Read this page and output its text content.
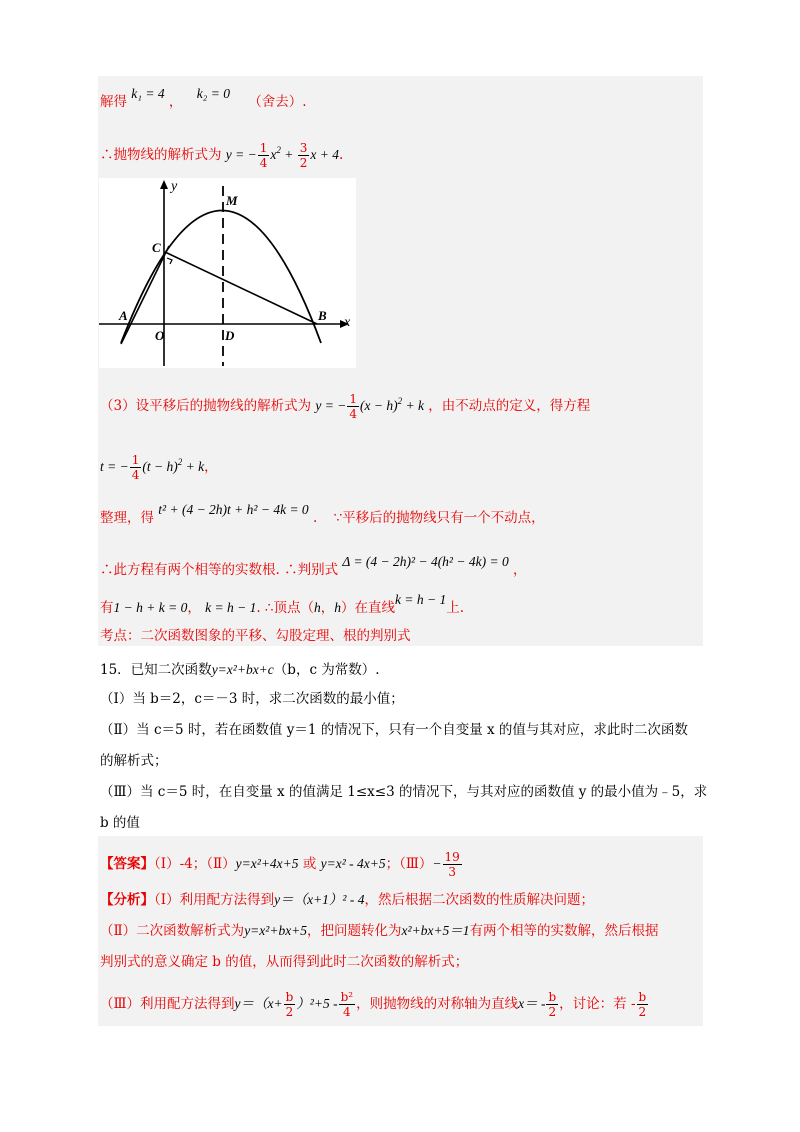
解得 k₁ = 4 ， k₂ = 0 （舍去）.
∴抛物线的解析式为 y = − $\frac{1}{4} x^2 + \frac{3}{2}$ x + 4.
y
M
C
A
O	D
B x
（3）设平移后的抛物线的解析式为 y = − $\frac{1}{4} (x - h)^2 + k$ ，由不动点的定义，得方程
t = − $\frac{1}{4} (t - h)^2 + k$，
整理，得 t² + (4 − 2h)t + h² − 4k = 0 . ∵平移后的抛物线只有一个不动点，
∴此方程有两个相等的实数根. ∴判别式 Δ = (4 − 2h)² − 4(h² − 4k) = 0 ，
有1 − h + k = 0， k = h − 1. ∴顶点（h，h）在直线k = h − 1上.
考点：二次函数图象的平移、勾股定理、根的判别式
15．已知二次函数y=x²+bx+c（b，c 为常数）.
（Ⅰ）当 b＝2，c＝－3 时，求二次函数的最小值；
（Ⅱ）当 c＝5 时，若在函数值 y＝1 的情况下，只有一个自变量 x 的值与其对应，求此时二次函数
的解析式；
（Ⅲ）当 c＝5 时，在自变量 x 的值满足 1≤x≤3 的情况下，与其对应的函数值 y 的最小值为﹣5，求
b 的值
【答案】（Ⅰ）-4；（Ⅱ）y=x²+4x+5 或 y=x² - 4x+5；（Ⅲ）− $\frac{19}{3}$
【分析】（Ⅰ）利用配方法得到y＝（x+1）² - 4，然后根据二次函数的性质解决问题；
（Ⅱ）二次函数解析式为y=x²+bx+5，把问题转化为x²+bx+5＝1有两个相等的实数解，然后根据
判别式的意义确定 b 的值，从而得到此时二次函数的解析式；
（Ⅲ）利用配方法得到$y=(x+ \frac{b}{2} )^2+5 - \frac{\text{b²}}{4}$ ，则抛物线的对称轴为直线$x= - \frac{b}{2}$ ，讨论：若 - $\frac{b}{2}$
